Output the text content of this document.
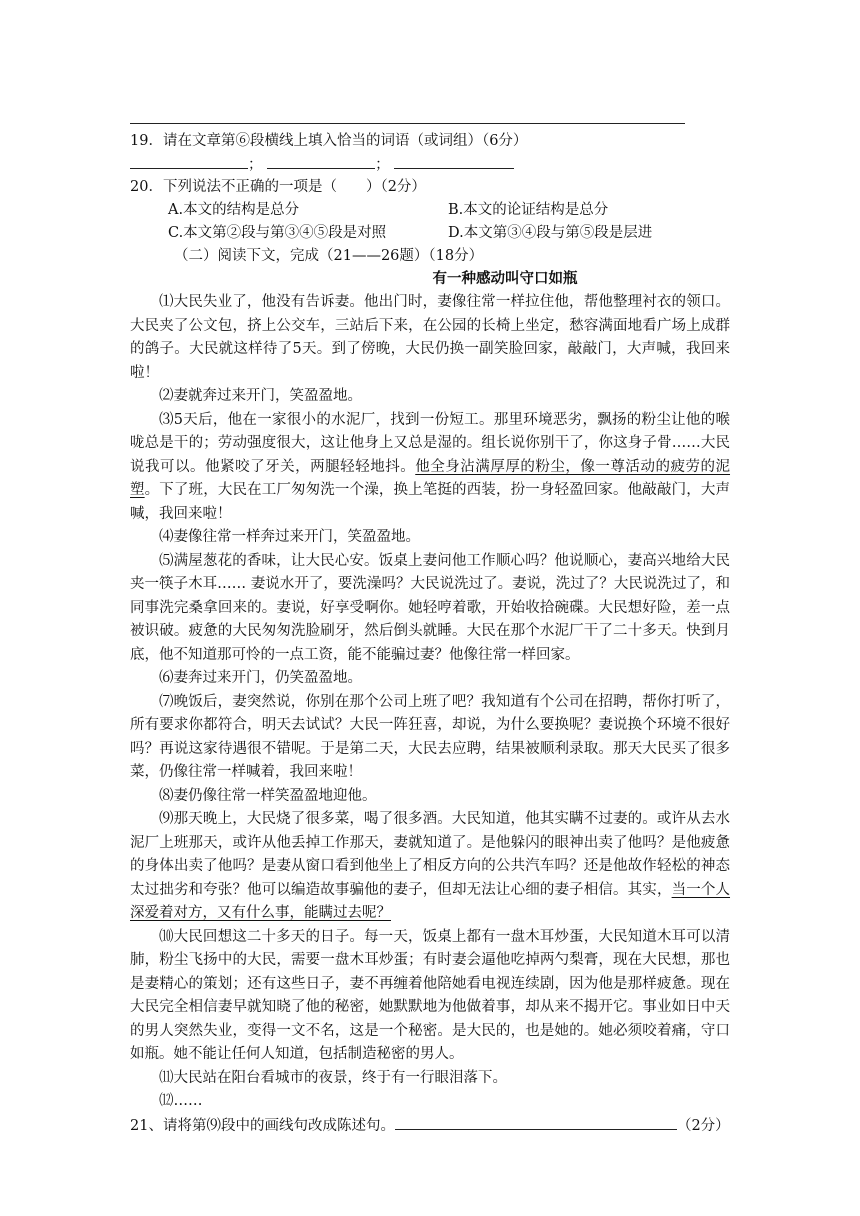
19．请在文章第⑥段横线上填入恰当的词语（或词组）（6分）
；	；
20．下列说法不正确的一项是（　　）（2分）
A.本文的结构是总分	B.本文的论证结构是总分
C.本文第②段与第③④⑤段是对照	D.本文第③④段与第⑤段是层进
（二）阅读下文，完成（21——26题）（18分）
有一种感动叫守口如瓶

⑴大民失业了，他没有告诉妻。他出门时，妻像往常一样拉住他，帮他整理衬衣的领口。大民夹了公文包，挤上公交车，三站后下来，在公园的长椅上坐定，愁容满面地看广场上成群的鸽子。大民就这样待了5天。到了傍晚，大民仍换一副笑脸回家，敲敲门，大声喊，我回来啦！

⑵妻就奔过来开门，笑盈盈地。

⑶5天后，他在一家很小的水泥厂，找到一份短工。那里环境恶劣，飘扬的粉尘让他的喉咙总是干的；劳动强度很大，这让他身上又总是湿的。组长说你别干了，你这身子骨……大民说我可以。他紧咬了牙关，两腿轻轻地抖。他全身沾满厚厚的粉尘，像一尊活动的疲劳的泥塑。下了班，大民在工厂匆匆洗一个澡，换上笔挺的西装，扮一身轻盈回家。他敲敲门，大声喊，我回来啦！

⑷妻像往常一样奔过来开门，笑盈盈地。

⑸满屋葱花的香味，让大民心安。饭桌上妻问他工作顺心吗？他说顺心，妻高兴地给大民夹一筷子木耳…… 妻说水开了，要洗澡吗？大民说洗过了。妻说，洗过了？大民说洗过了，和同事洗完桑拿回来的。妻说，好享受啊你。她轻哼着歌，开始收拾碗碟。大民想好险，差一点被识破。疲惫的大民匆匆洗脸刷牙，然后倒头就睡。大民在那个水泥厂干了二十多天。快到月底，他不知道那可怜的一点工资，能不能骗过妻？他像往常一样回家。

⑹妻奔过来开门，仍笑盈盈地。

⑺晚饭后，妻突然说，你别在那个公司上班了吧？我知道有个公司在招聘，帮你打听了，所有要求你都符合，明天去试试？大民一阵狂喜，却说，为什么要换呢？妻说换个环境不很好吗？再说这家待遇很不错呢。于是第二天，大民去应聘，结果被顺利录取。那天大民买了很多菜，仍像往常一样喊着，我回来啦！

⑻妻仍像往常一样笑盈盈地迎他。

⑼那天晚上，大民烧了很多菜，喝了很多酒。大民知道，他其实瞒不过妻的。或许从去水泥厂上班那天，或许从他丢掉工作那天，妻就知道了。是他躲闪的眼神出卖了他吗？是他疲惫的身体出卖了他吗？是妻从窗口看到他坐上了相反方向的公共汽车吗？还是他故作轻松的神态太过拙劣和夸张？他可以编造故事骗他的妻子，但却无法让心细的妻子相信。其实，当一个人深爱着对方，又有什么事，能瞒过去呢？

⑽大民回想这二十多天的日子。每一天，饭桌上都有一盘木耳炒蛋，大民知道木耳可以清肺，粉尘飞扬中的大民，需要一盘木耳炒蛋；有时妻会逼他吃掉两勺梨膏，现在大民想，那也是妻精心的策划；还有这些日子，妻不再缠着他陪她看电视连续剧，因为他是那样疲惫。现在大民完全相信妻早就知晓了他的秘密，她默默地为他做着事，却从来不揭开它。事业如日中天的男人突然失业，变得一文不名，这是一个秘密。是大民的，也是她的。她必须咬着痛，守口如瓶。她不能让任何人知道，包括制造秘密的男人。

⑾大民站在阳台看城市的夜景，终于有一行眼泪落下。

⑿……

21、请将第⑼段中的画线句改成陈述句。	（2分）
